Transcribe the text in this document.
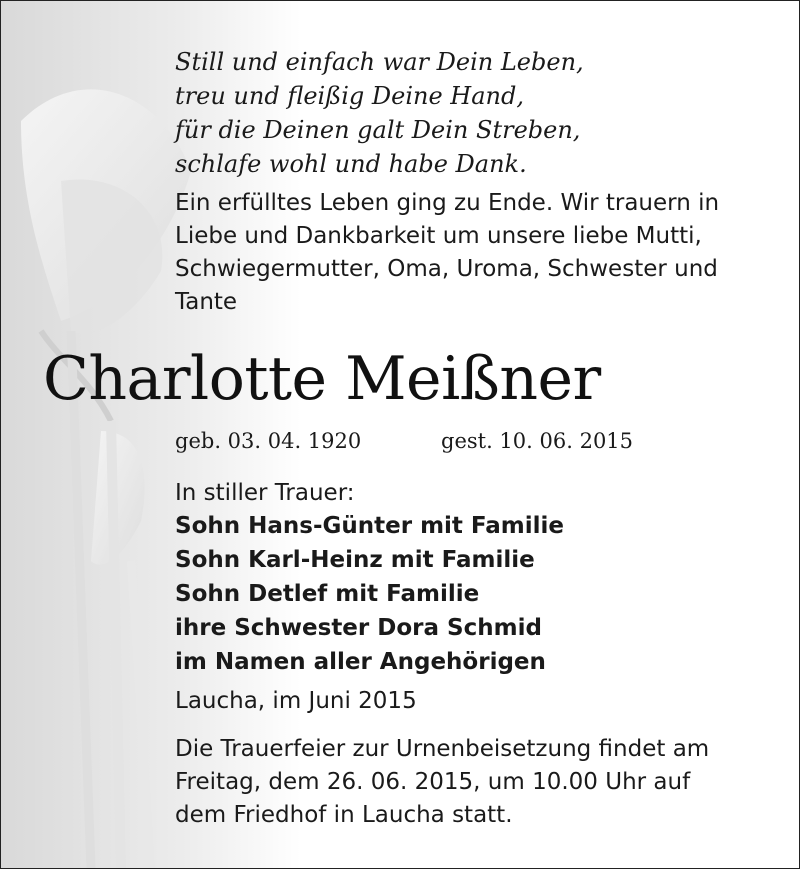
Still und einfach war Dein Leben,
treu und fleißig Deine Hand,
für die Deinen galt Dein Streben,
schlafe wohl und habe Dank.
Ein erfülltes Leben ging zu Ende. Wir trauern in
Liebe und Dankbarkeit um unsere liebe Mutti,
Schwiegermutter, Oma, Uroma, Schwester und
Tante
Charlotte Meißner
geb. 03. 04. 1920	gest. 10. 06. 2015
In stiller Trauer:
Sohn Hans-Günter mit Familie
Sohn Karl-Heinz mit Familie
Sohn Detlef mit Familie
ihre Schwester Dora Schmid
im Namen aller Angehörigen
Laucha, im Juni 2015
Die Trauerfeier zur Urnenbeisetzung findet am
Freitag, dem 26. 06. 2015, um 10.00 Uhr auf
dem Friedhof in Laucha statt.
